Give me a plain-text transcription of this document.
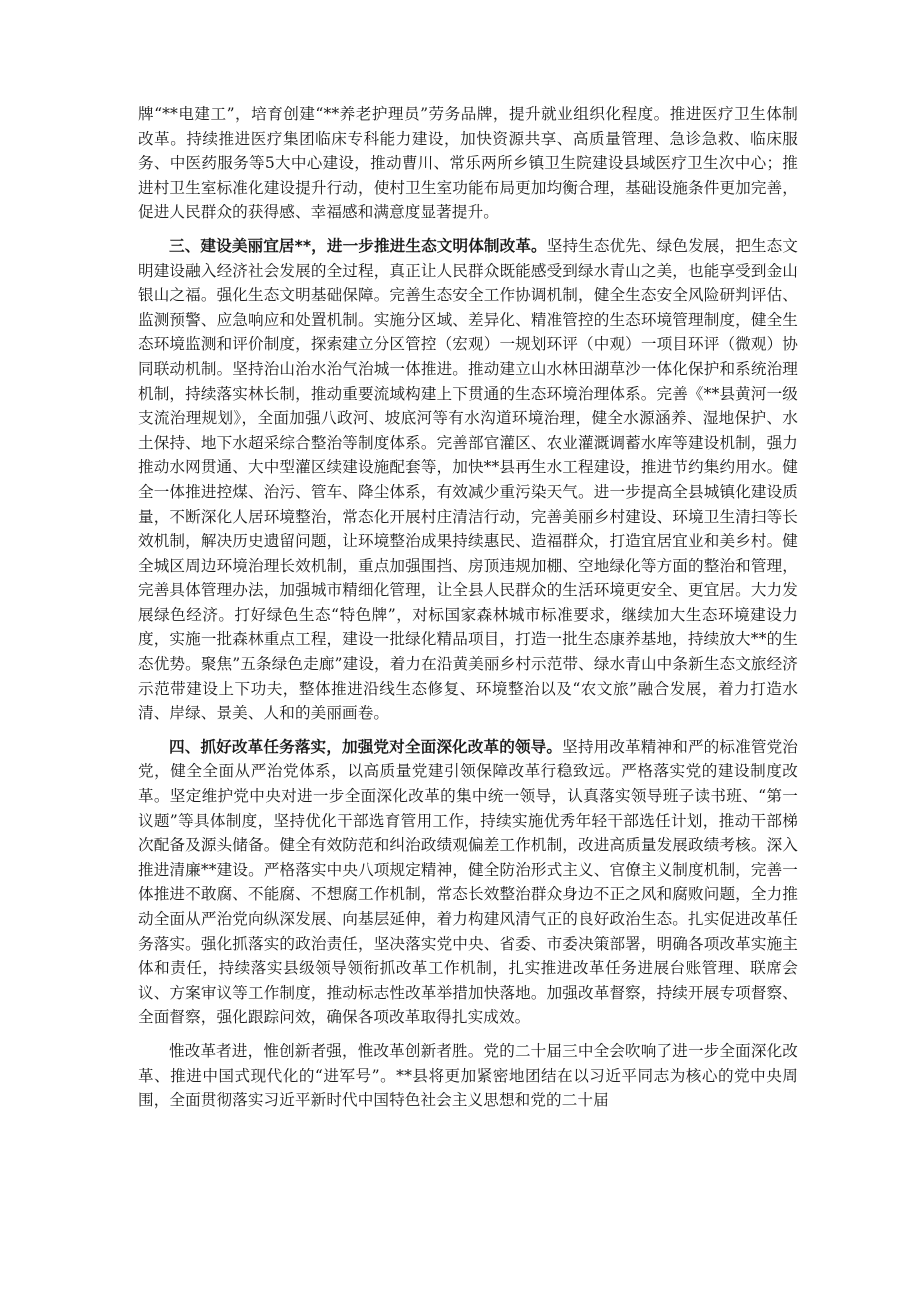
牌“**电建工”，培育创建“**养老护理员”劳务品牌，提升就业组织化程度。推进医疗卫生体制改革。持续推进医疗集团临床专科能力建设，加快资源共享、高质量管理、急诊急救、临床服务、中医药服务等5大中心建设，推动曹川、常乐两所乡镇卫生院建设县域医疗卫生次中心；推进村卫生室标准化建设提升行动，使村卫生室功能布局更加均衡合理，基础设施条件更加完善，促进人民群众的获得感、幸福感和满意度显著提升。

三、建设美丽宜居**，进一步推进生态文明体制改革。坚持生态优先、绿色发展，把生态文明建设融入经济社会发展的全过程，真正让人民群众既能感受到绿水青山之美，也能享受到金山银山之福。强化生态文明基础保障。完善生态安全工作协调机制，健全生态安全风险研判评估、监测预警、应急响应和处置机制。实施分区域、差异化、精准管控的生态环境管理制度，健全生态环境监测和评价制度，探索建立分区管控（宏观）一规划环评（中观）一项目环评（微观）协同联动机制。坚持治山治水治气治城一体推进。推动建立山水林田湖草沙一体化保护和系统治理机制，持续落实林长制，推动重要流域构建上下贯通的生态环境治理体系。完善《**县黄河一级支流治理规划》，全面加强八政河、坡底河等有水沟道环境治理，健全水源涵养、湿地保护、水土保持、地下水超采综合整治等制度体系。完善部官灌区、农业灌溉调蓄水库等建设机制，强力推动水网贯通、大中型灌区续建设施配套等，加快**县再生水工程建设，推进节约集约用水。健全一体推进控煤、治污、管车、降尘体系，有效减少重污染天气。进一步提高全县城镇化建设质量，不断深化人居环境整治，常态化开展村庄清洁行动，完善美丽乡村建设、环境卫生清扫等长效机制，解决历史遗留问题，让环境整治成果持续惠民、造福群众，打造宜居宜业和美乡村。健全城区周边环境治理长效机制，重点加强围挡、房顶违规加棚、空地绿化等方面的整治和管理，完善具体管理办法，加强城市精细化管理，让全县人民群众的生活环境更安全、更宜居。大力发展绿色经济。打好绿色生态“特色牌”，对标国家森林城市标准要求，继续加大生态环境建设力度，实施一批森林重点工程，建设一批绿化精品项目，打造一批生态康养基地，持续放大**的生态优势。聚焦”五条绿色走廊”建设，着力在沿黄美丽乡村示范带、绿水青山中条新生态文旅经济示范带建设上下功夫，整体推进沿线生态修复、环境整治以及“农文旅”融合发展，着力打造水清、岸绿、景美、人和的美丽画卷。

四、抓好改革任务落实，加强党对全面深化改革的领导。坚持用改革精神和严的标准管党治党，健全全面从严治党体系，以高质量党建引领保障改革行稳致远。严格落实党的建设制度改革。坚定维护党中央对进一步全面深化改革的集中统一领导，认真落实领导班子读书班、“第一议题”等具体制度，坚持优化干部选育管用工作，持续实施优秀年轻干部选任计划，推动干部梯次配备及源头储备。健全有效防范和纠治政绩观偏差工作机制，改进高质量发展政绩考核。深入推进清廉**建设。严格落实中央八项规定精神，健全防治形式主义、官僚主义制度机制，完善一体推进不敢腐、不能腐、不想腐工作机制，常态长效整治群众身边不正之风和腐败问题，全力推动全面从严治党向纵深发展、向基层延伸，着力构建风清气正的良好政治生态。扎实促进改革任务落实。强化抓落实的政治责任，坚决落实党中央、省委、市委决策部署，明确各项改革实施主体和责任，持续落实县级领导领衔抓改革工作机制，扎实推进改革任务进展台账管理、联席会议、方案审议等工作制度，推动标志性改革举措加快落地。加强改革督察，持续开展专项督察、全面督察，强化跟踪问效，确保各项改革取得扎实成效。

惟改革者进，惟创新者强，惟改革创新者胜。党的二十届三中全会吹响了进一步全面深化改革、推进中国式现代化的“进军号”。**县将更加紧密地团结在以习近平同志为核心的党中央周围，全面贯彻落实习近平新时代中国特色社会主义思想和党的二十届
